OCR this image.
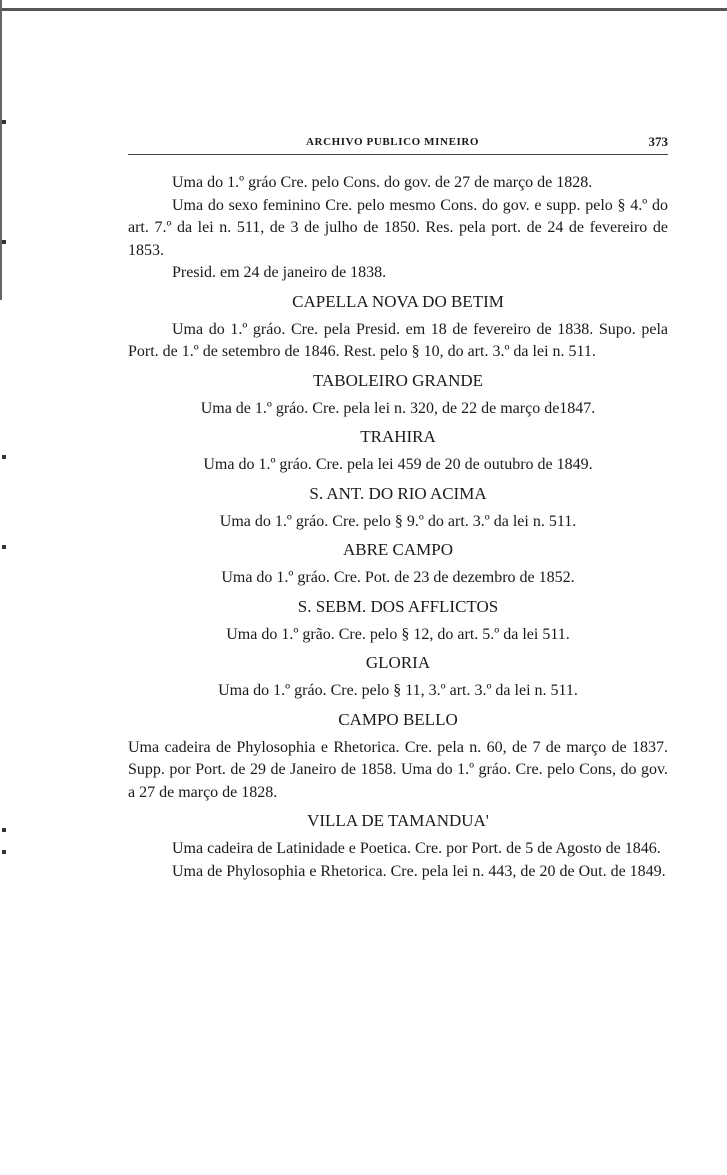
ARCHIVO PUBLICO MINEIRO	373

Uma do 1.º gráo Cre. pelo Cons. do gov. de 27 de março de 1828.

Uma do sexo feminino Cre. pelo mesmo Cons. do gov. e supp. pelo § 4.º do art. 7.º da lei n. 511, de 3 de julho de 1850. Res. pela port. de 24 de fevereiro de 1853.

Presid. em 24 de janeiro de 1838.

CAPELLA NOVA DO BETIM

Uma do 1.º gráo. Cre. pela Presid. em 18 de fevereiro de 1838. Supo. pela Port. de 1.º de setembro de 1846. Rest. pelo § 10, do art. 3.º da lei n. 511.

TABOLEIRO GRANDE

Uma de 1.º gráo. Cre. pela lei n. 320, de 22 de março de1847.

TRAHIRA

Uma do 1.º gráo. Cre. pela lei 459 de 20 de outubro de 1849.

S. ANT. DO RIO ACIMA

Uma do 1.º gráo. Cre. pelo § 9.º do art. 3.º da lei n. 511.

ABRE CAMPO

Uma do 1.º gráo. Cre. Pot. de 23 de dezembro de 1852.

S. SEBM. DOS AFFLICTOS

Uma do 1.º grão. Cre. pelo § 12, do art. 5.º da lei 511.

GLORIA

Uma do 1.º gráo. Cre. pelo § 11, 3.º art. 3.º da lei n. 511.

CAMPO BELLO

Uma cadeira de Phylosophia e Rhetorica. Cre. pela n. 60, de 7 de março de 1837. Supp. por Port. de 29 de Janeiro de 1858. Uma do 1.º gráo. Cre. pelo Cons, do gov. a 27 de março de 1828.

VILLA DE TAMANDUA'

Uma cadeira de Latinidade e Poetica. Cre. por Port. de 5 de Agosto de 1846.

Uma de Phylosophia e Rhetorica. Cre. pela lei n. 443, de 20 de Out. de 1849.
